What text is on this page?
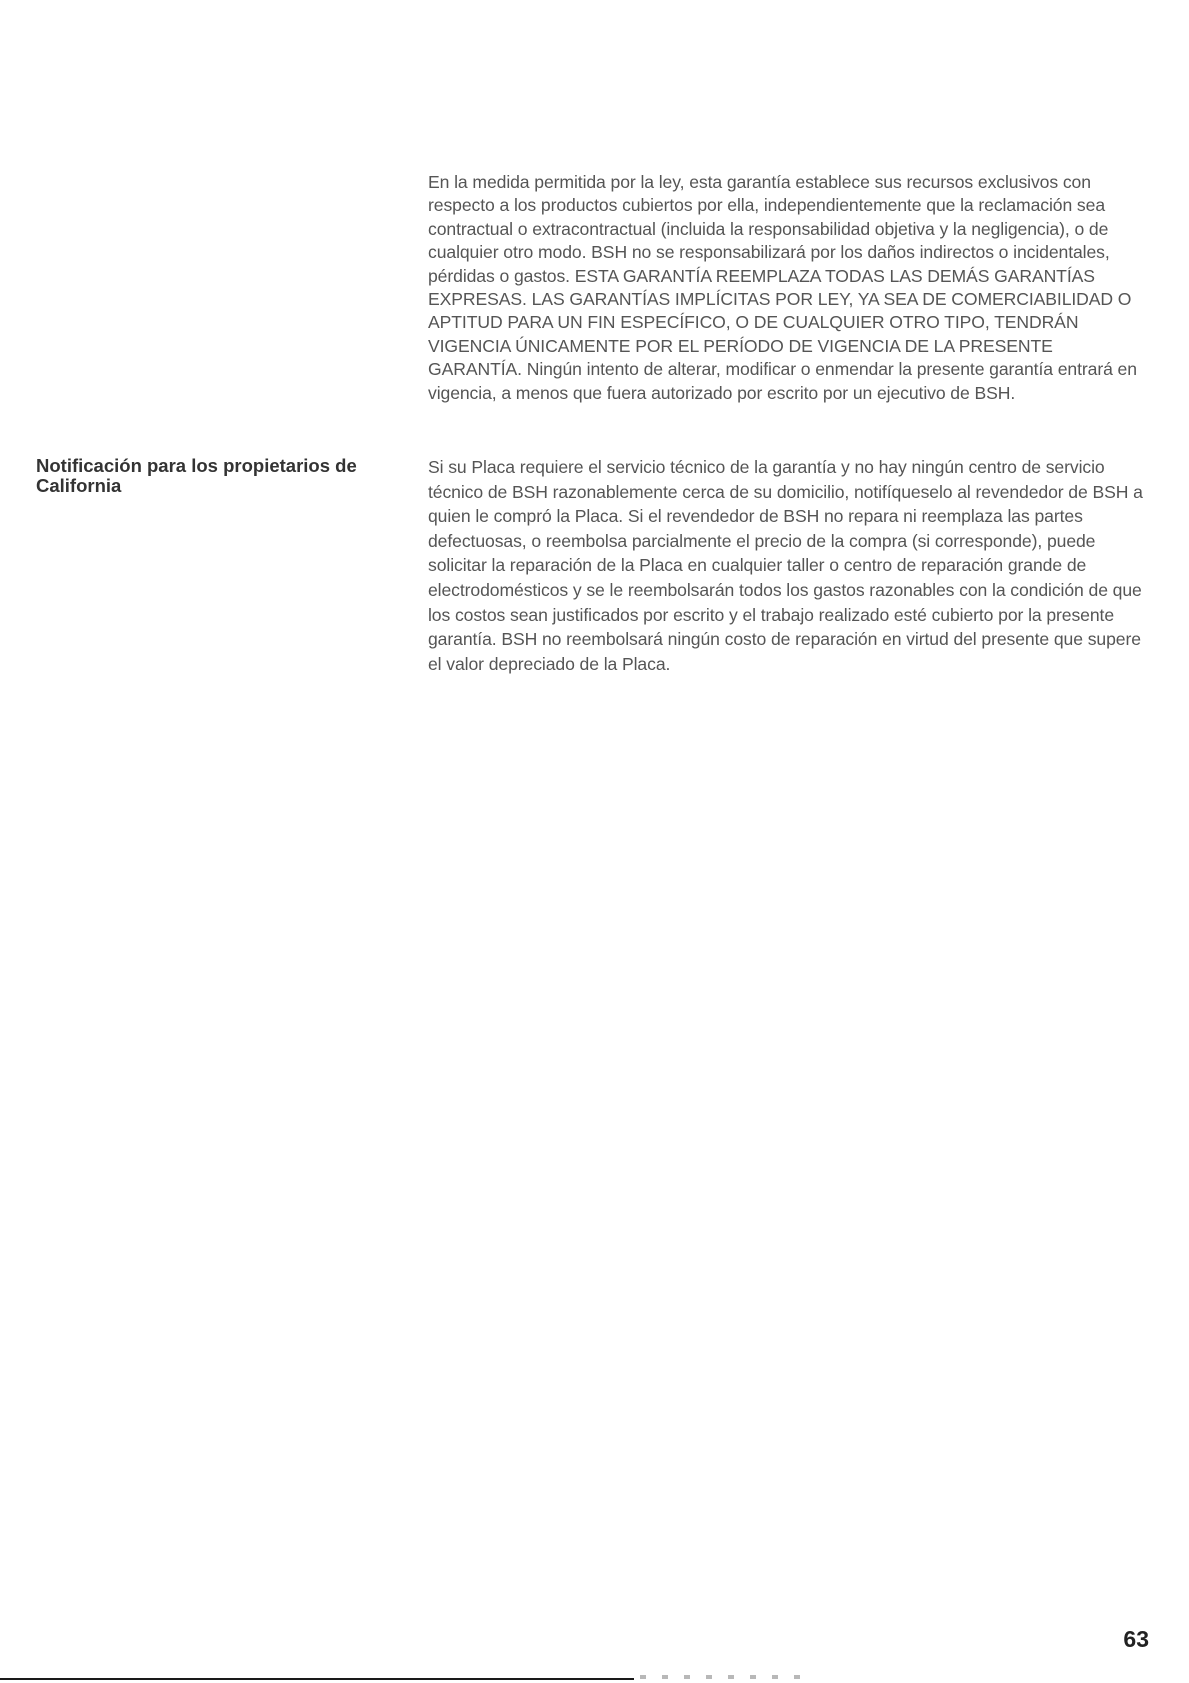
En la medida permitida por la ley, esta garantía establece sus recursos exclusivos con respecto a los productos cubiertos por ella, independientemente que la reclamación sea contractual o extracontractual (incluida la responsabilidad objetiva y la negligencia), o de cualquier otro modo. BSH no se responsabilizará por los daños indirectos o incidentales, pérdidas o gastos. ESTA GARANTÍA REEMPLAZA TODAS LAS DEMÁS GARANTÍAS EXPRESAS. LAS GARANTÍAS IMPLÍCITAS POR LEY, YA SEA DE COMERCIABILIDAD O APTITUD PARA UN FIN ESPECÍFICO, O DE CUALQUIER OTRO TIPO, TENDRÁN VIGENCIA ÚNICAMENTE POR EL PERÍODO DE VIGENCIA DE LA PRESENTE GARANTÍA. Ningún intento de alterar, modificar o enmendar la presente garantía entrará en vigencia, a menos que fuera autorizado por escrito por un ejecutivo de BSH.

Notificación para los propietarios de California

Si su Placa requiere el servicio técnico de la garantía y no hay ningún centro de servicio técnico de BSH razonablemente cerca de su domicilio, notifíqueselo al revendedor de BSH a quien le compró la Placa. Si el revendedor de BSH no repara ni reemplaza las partes defectuosas, o reembolsa parcialmente el precio de la compra (si corresponde), puede solicitar la reparación de la Placa en cualquier taller o centro de reparación grande de electrodomésticos y se le reembolsarán todos los gastos razonables con la condición de que los costos sean justificados por escrito y el trabajo realizado esté cubierto por la presente garantía. BSH no reembolsará ningún costo de reparación en virtud del presente que supere el valor depreciado de la Placa.

63
